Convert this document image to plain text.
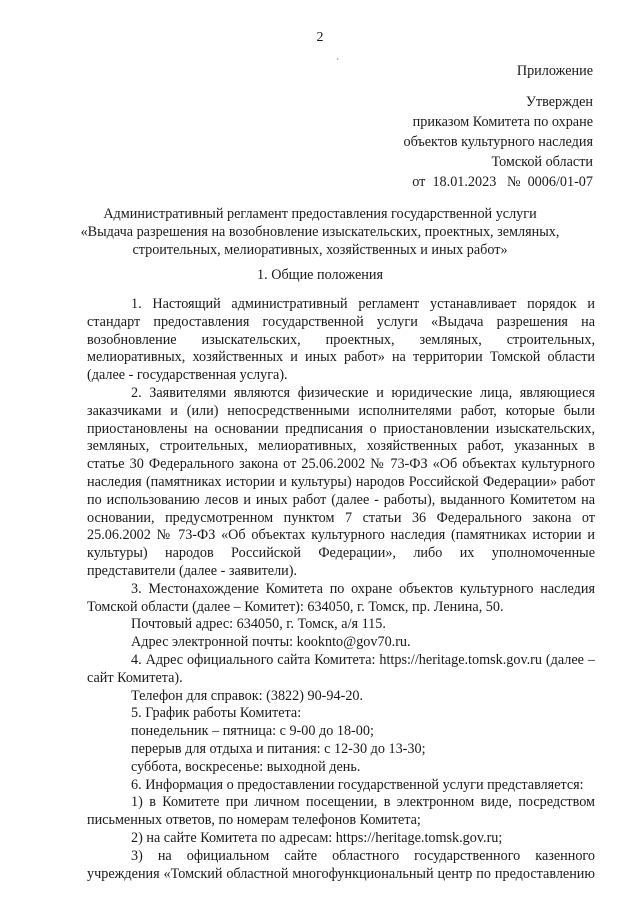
2
ˋ	Приложение
Утвержден
приказом Комитета по охране
объектов культурного наследия
Томской области
от  18.01.2023   №  0006/01-07
Административный регламент предоставления государственной услуги
«Выдача разрешения на возобновление изыскательских, проектных, земляных,
строительных, мелиоративных, хозяйственных и иных работ»
1. Общие положения

1. Настоящий административный регламент устанавливает порядок и стандарт предоставления государственной услуги «Выдача разрешения на возобновление изыскательских, проектных, земляных, строительных, мелиоративных, хозяйственных и иных работ» на территории Томской области (далее - государственная услуга).

2. Заявителями являются физические и юридические лица, являющиеся заказчиками и (или) непосредственными исполнителями работ, которые были приостановлены на основании предписания о приостановлении изыскательских, земляных, строительных, мелиоративных, хозяйственных работ, указанных в статье 30 Федерального закона от 25.06.2002 № 73-ФЗ «Об объектах культурного наследия (памятниках истории и культуры) народов Российской Федерации» работ по использованию лесов и иных работ (далее - работы), выданного Комитетом на основании, предусмотренном пунктом 7 статьи 36 Федерального закона от 25.06.2002 № 73-ФЗ «Об объектах культурного наследия (памятниках истории и культуры) народов Российской Федерации», либо их уполномоченные представители (далее - заявители).

3. Местонахождение Комитета по охране объектов культурного наследия Томской области (далее – Комитет): 634050, г. Томск, пр. Ленина, 50.

Почтовый адрес: 634050, г. Томск, а/я 115.

Адрес электронной почты: kooknto@gov70.ru.

4. Адрес официального сайта Комитета: https://heritage.tomsk.gov.ru (далее – сайт Комитета).

Телефон для справок: (3822) 90-94-20.

5. График работы Комитета:

понедельник – пятница: с 9-00 до 18-00;

перерыв для отдыха и питания: с 12-30 до 13-30;

суббота, воскресенье: выходной день.

6. Информация о предоставлении государственной услуги представляется:

1) в Комитете при личном посещении, в электронном виде, посредством письменных ответов, по номерам телефонов Комитета;

2) на сайте Комитета по адресам: https://heritage.tomsk.gov.ru;

3) на официальном сайте областного государственного казенного учреждения «Томский областной многофункциональный центр по предоставлению
